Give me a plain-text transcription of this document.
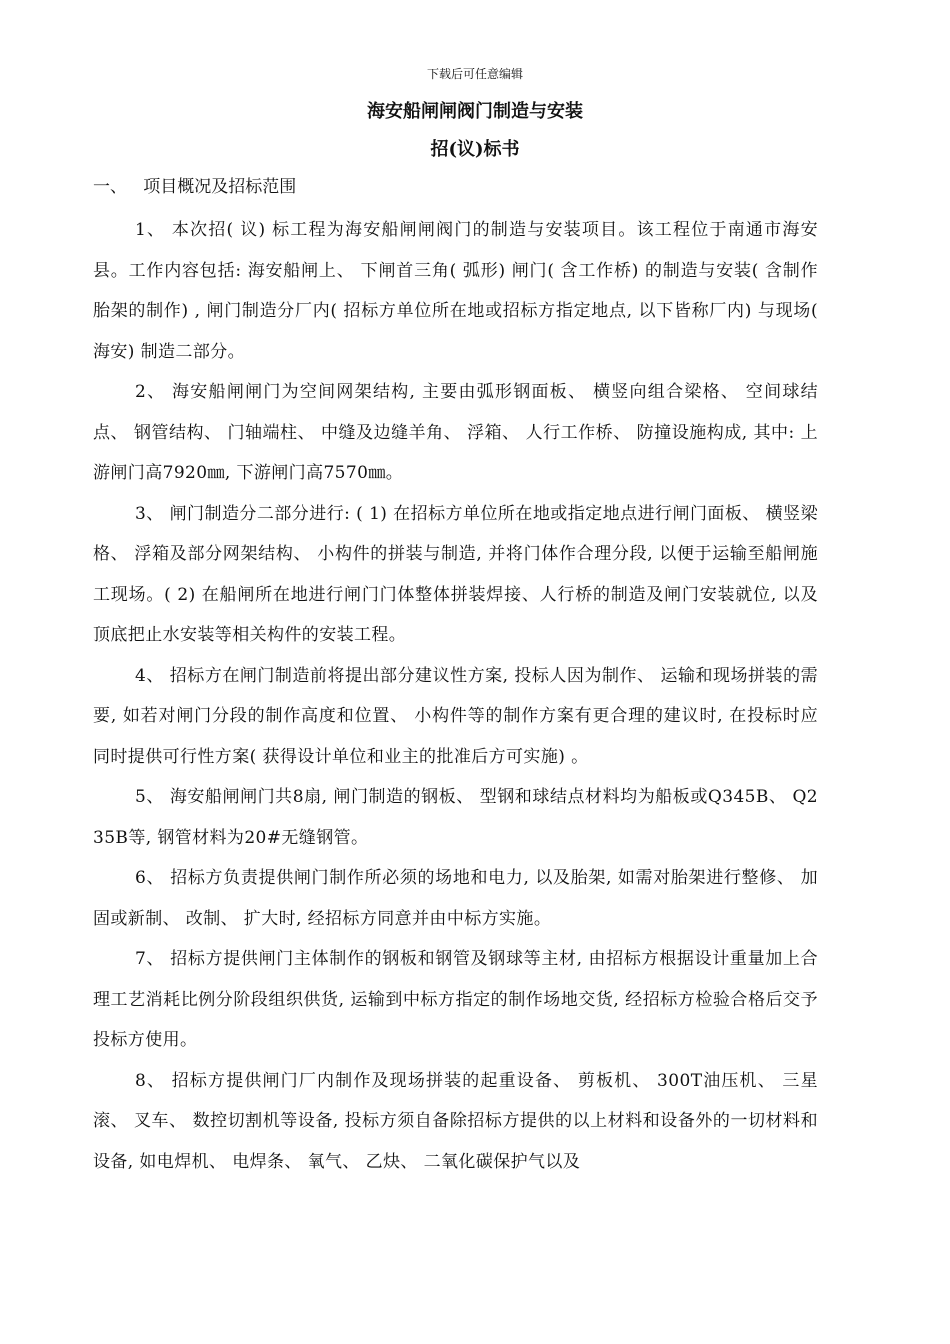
下载后可任意编辑
海安船闸闸阀门制造与安装
招(议)标书
一、   项目概况及招标范围

1、 本次招( 议) 标工程为海安船闸闸阀门的制造与安装项目。该工程位于南通市海安县。工作内容包括: 海安船闸上、 下闸首三角( 弧形) 闸门( 含工作桥) 的制造与安装( 含制作胎架的制作) , 闸门制造分厂内( 招标方单位所在地或招标方指定地点, 以下皆称厂内) 与现场( 海安) 制造二部分。

2、 海安船闸闸门为空间网架结构, 主要由弧形钢面板、 横竖向组合梁格、 空间球结点、 钢管结构、 门轴端柱、 中缝及边缝羊角、 浮箱、 人行工作桥、 防撞设施构成, 其中: 上游闸门高7920㎜, 下游闸门高7570㎜。

3、 闸门制造分二部分进行: ( 1) 在招标方单位所在地或指定地点进行闸门面板、 横竖梁格、 浮箱及部分网架结构、 小构件的拼装与制造, 并将门体作合理分段, 以便于运输至船闸施工现场。( 2) 在船闸所在地进行闸门门体整体拼装焊接、人行桥的制造及闸门安装就位, 以及顶底把止水安装等相关构件的安装工程。

4、 招标方在闸门制造前将提出部分建议性方案, 投标人因为制作、 运输和现场拼装的需要, 如若对闸门分段的制作高度和位置、 小构件等的制作方案有更合理的建议时, 在投标时应同时提供可行性方案( 获得设计单位和业主的批准后方可实施) 。

5、 海安船闸闸门共8扇, 闸门制造的钢板、 型钢和球结点材料均为船板或Q345B、 Q235B等, 钢管材料为20#无缝钢管。

6、 招标方负责提供闸门制作所必须的场地和电力, 以及胎架, 如需对胎架进行整修、 加固或新制、 改制、 扩大时, 经招标方同意并由中标方实施。

7、 招标方提供闸门主体制作的钢板和钢管及钢球等主材, 由招标方根据设计重量加上合理工艺消耗比例分阶段组织供货, 运输到中标方指定的制作场地交货, 经招标方检验合格后交予投标方使用。

8、 招标方提供闸门厂内制作及现场拼装的起重设备、 剪板机、 300T油压机、 三星滚、 叉车、 数控切割机等设备, 投标方须自备除招标方提供的以上材料和设备外的一切材料和设备, 如电焊机、 电焊条、 氧气、 乙炔、 二氧化碳保护气以及
